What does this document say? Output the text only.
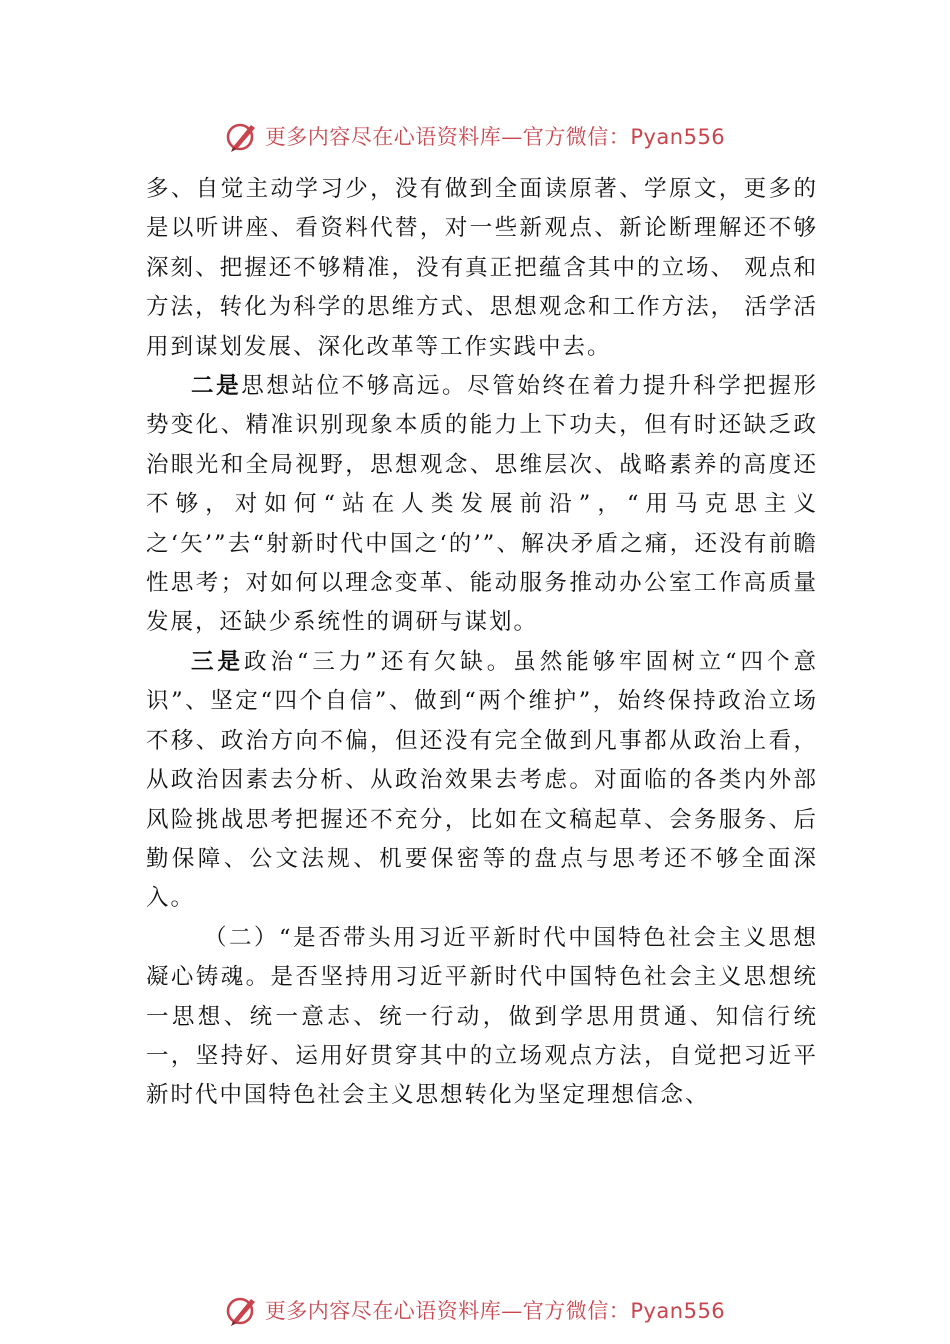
更多内容尽在心语资料库—官方微信：Pyan556

多、自觉主动学习少，没有做到全面读原著、学原文，更多的是以听讲座、看资料代替，对一些新观点、新论断理解还不够深刻、把握还不够精准，没有真正把蕴含其中的立场、 观点和方法，转化为科学的思维方式、思想观念和工作方法， 活学活用到谋划发展、深化改革等工作实践中去。

二是思想站位不够高远。尽管始终在着力提升科学把握形势变化、精准识别现象本质的能力上下功夫，但有时还缺乏政治眼光和全局视野，思想观念、思维层次、战略素养的高度还不够，对如何“站在人类发展前沿”，“用马克思主义之‘矢’”去“射新时代中国之‘的’”、解决矛盾之痛，还没有前瞻性思考；对如何以理念变革、能动服务推动办公室工作高质量发展，还缺少系统性的调研与谋划。

三是政治“三力”还有欠缺。虽然能够牢固树立“四个意识”、坚定“四个自信”、做到“两个维护”，始终保持政治立场不移、政治方向不偏，但还没有完全做到凡事都从政治上看，从政治因素去分析、从政治效果去考虑。对面临的各类内外部风险挑战思考把握还不充分，比如在文稿起草、会务服务、后勤保障、公文法规、机要保密等的盘点与思考还不够全面深入。

（二）“是否带头用习近平新时代中国特色社会主义思想凝心铸魂。是否坚持用习近平新时代中国特色社会主义思想统一思想、统一意志、统一行动，做到学思用贯通、知信行统一，坚持好、运用好贯穿其中的立场观点方法，自觉把习近平新时代中国特色社会主义思想转化为坚定理想信念、

更多内容尽在心语资料库—官方微信：Pyan556
